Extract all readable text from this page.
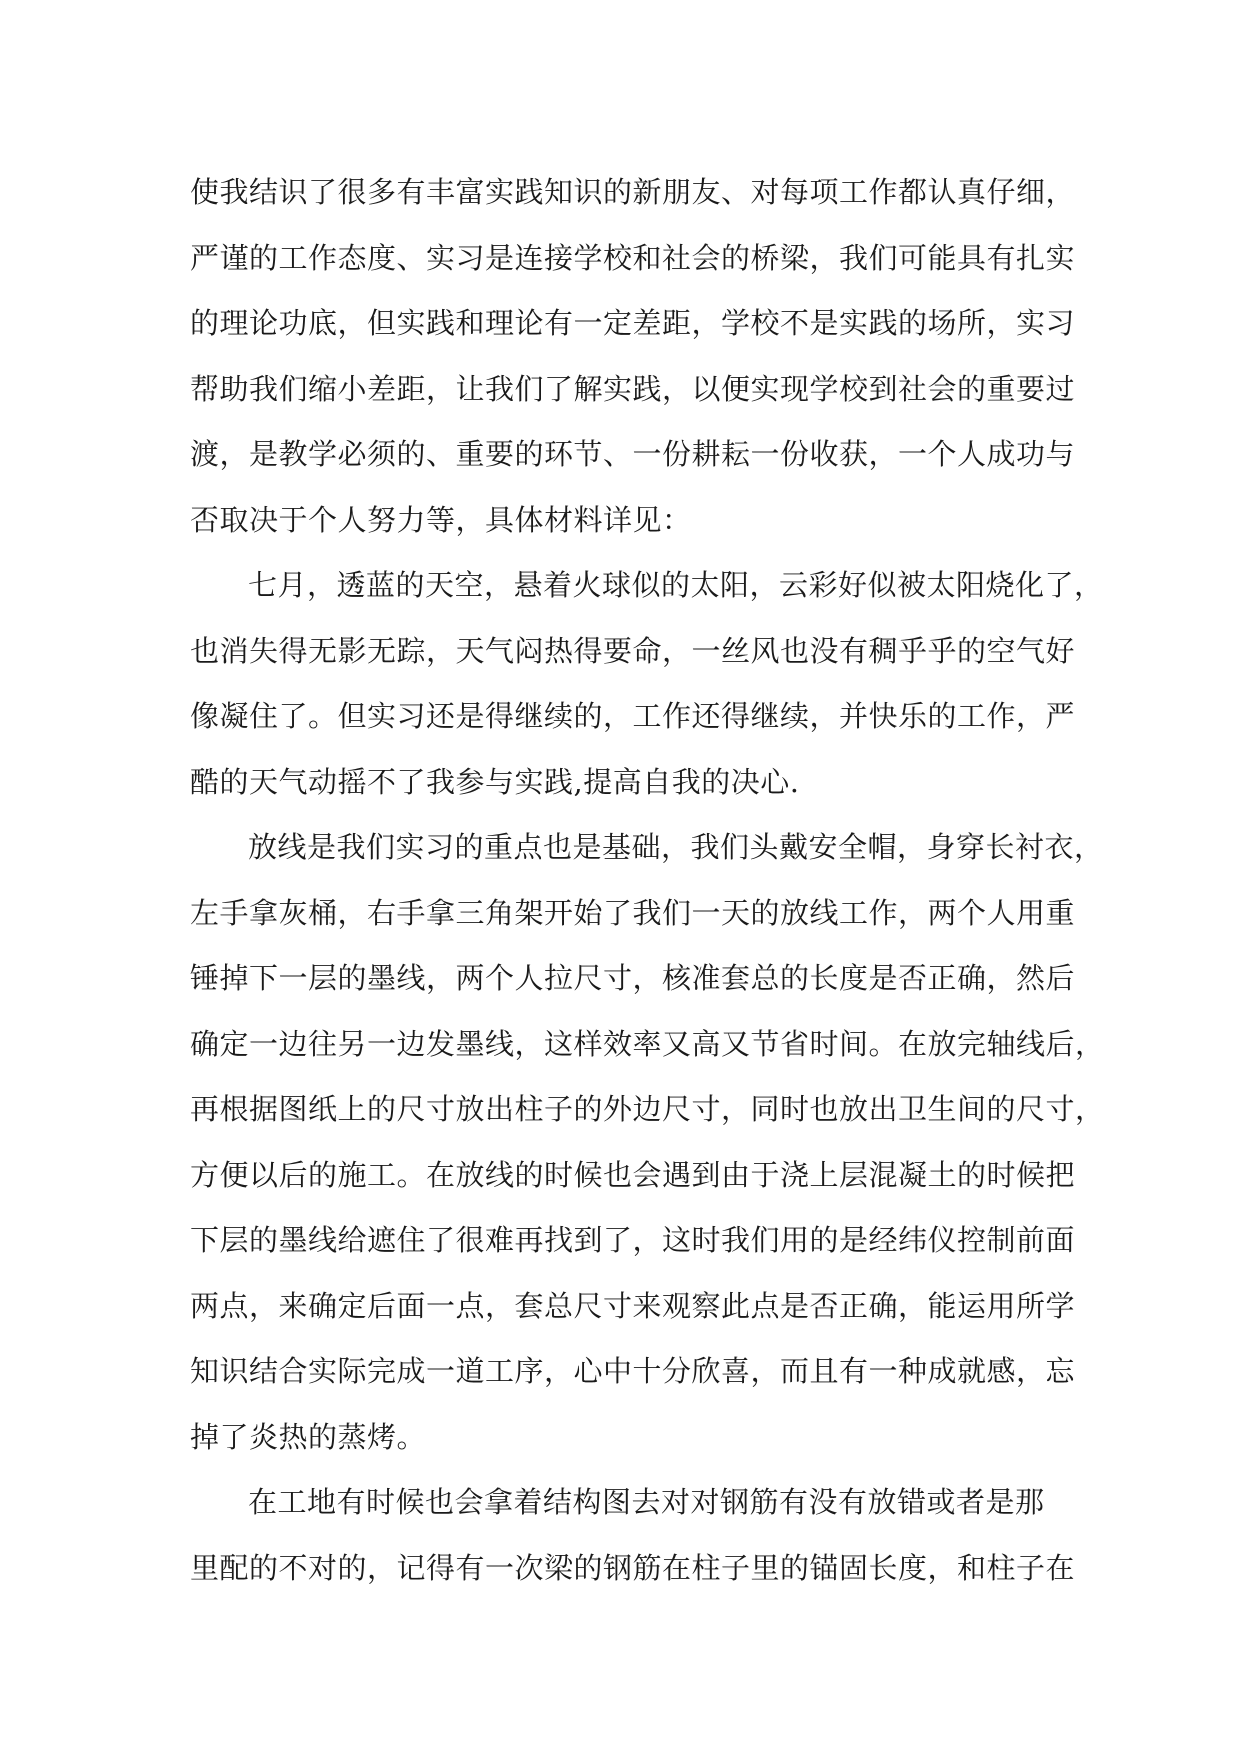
使我结识了很多有丰富实践知识的新朋友、对每项工作都认真仔细，
严谨的工作态度、实习是连接学校和社会的桥梁，我们可能具有扎实
的理论功底，但实践和理论有一定差距，学校不是实践的场所，实习
帮助我们缩小差距，让我们了解实践，以便实现学校到社会的重要过
渡，是教学必须的、重要的环节、一份耕耘一份收获，一个人成功与
否取决于个人努力等，具体材料详见：
七月，透蓝的天空，悬着火球似的太阳，云彩好似被太阳烧化了，
也消失得无影无踪，天气闷热得要命，一丝风也没有稠乎乎的空气好
像凝住了。但实习还是得继续的，工作还得继续，并快乐的工作，严
酷的天气动摇不了我参与实践,提高自我的决心.
放线是我们实习的重点也是基础，我们头戴安全帽，身穿长衬衣，
左手拿灰桶，右手拿三角架开始了我们一天的放线工作，两个人用重
锤掉下一层的墨线，两个人拉尺寸，核准套总的长度是否正确，然后
确定一边往另一边发墨线，这样效率又高又节省时间。在放完轴线后，
再根据图纸上的尺寸放出柱子的外边尺寸，同时也放出卫生间的尺寸，
方便以后的施工。在放线的时候也会遇到由于浇上层混凝土的时候把
下层的墨线给遮住了很难再找到了，这时我们用的是经纬仪控制前面
两点，来确定后面一点，套总尺寸来观察此点是否正确，能运用所学
知识结合实际完成一道工序，心中十分欣喜，而且有一种成就感，忘
掉了炎热的蒸烤。
在工地有时候也会拿着结构图去对对钢筋有没有放错或者是那
里配的不对的，记得有一次梁的钢筋在柱子里的锚固长度，和柱子在
